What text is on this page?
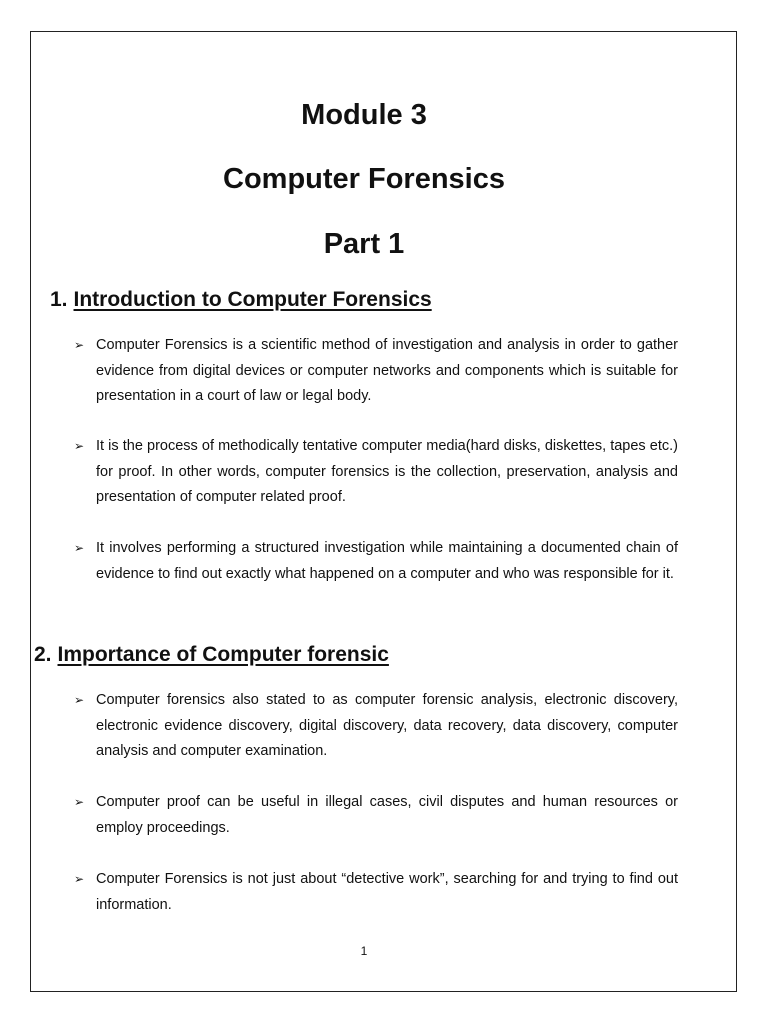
Module 3
Computer Forensics
Part 1
1. Introduction to Computer Forensics

➢ Computer Forensics is a scientific method of investigation and analysis in order to gather evidence from digital devices or computer networks and components which is suitable for presentation in a court of law or legal body.

➢ It is the process of methodically tentative computer media(hard disks, diskettes, tapes etc.) for proof. In other words, computer forensics is the collection, preservation, analysis and presentation of computer related proof.

➢ It involves performing a structured investigation while maintaining a documented chain of evidence to find out exactly what happened on a computer and who was responsible for it.

2. Importance of Computer forensic

➢ Computer forensics also stated to as computer forensic analysis, electronic discovery, electronic evidence discovery, digital discovery, data recovery, data discovery, computer analysis and computer examination.

➢ Computer proof can be useful in illegal cases, civil disputes and human resources or employ proceedings.

➢ Computer Forensics is not just about “detective work”, searching for and trying to find out information.

1
